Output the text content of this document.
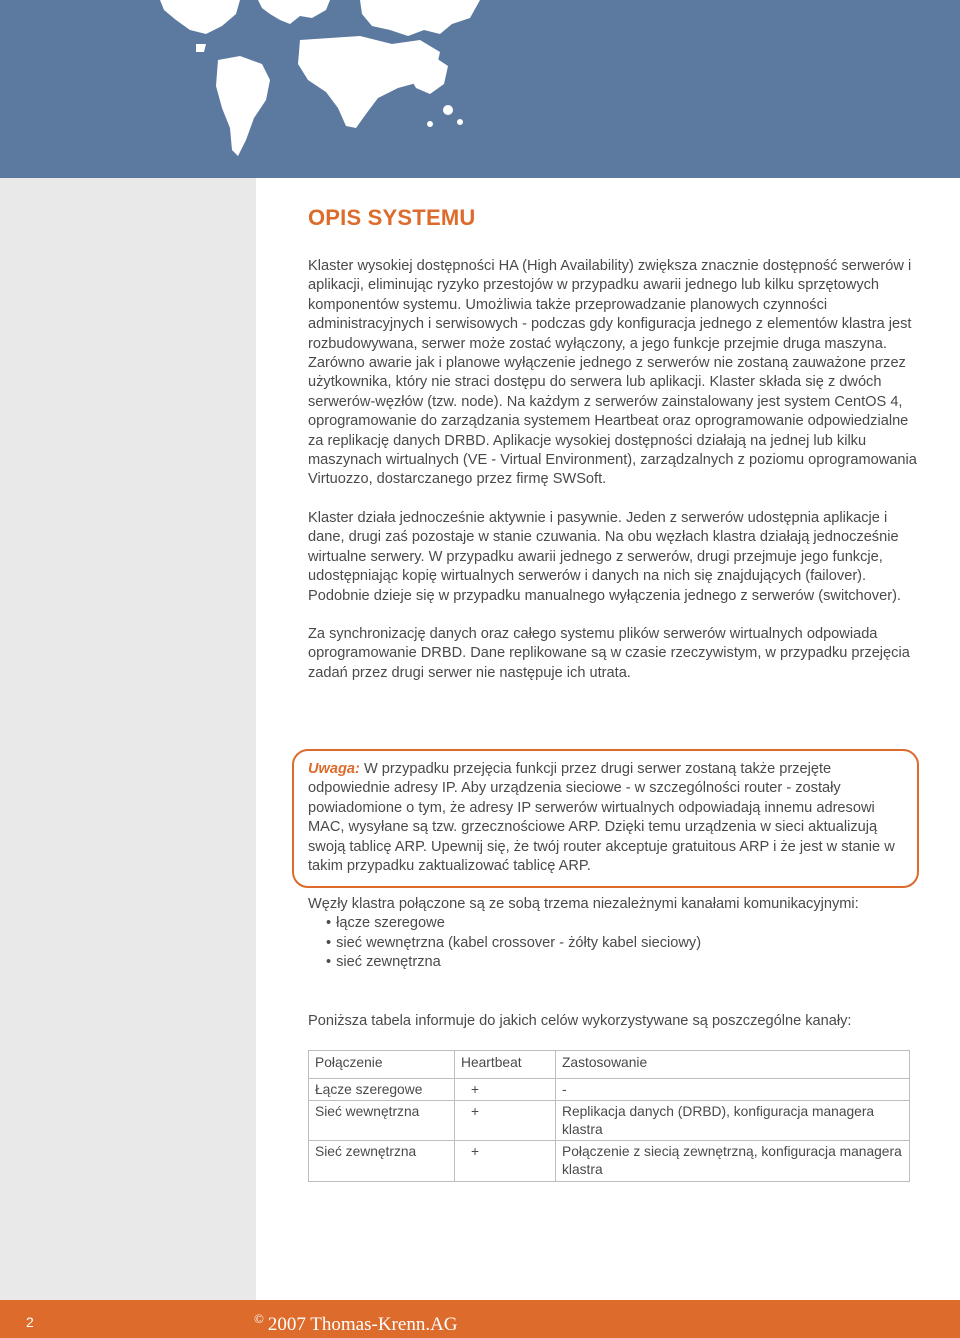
OPIS SYSTEMU

Klaster wysokiej dostępności HA (High Availability) zwiększa znacznie dostępność serwerów i aplikacji, eliminując ryzyko przestojów w przypadku awarii jednego lub kilku sprzętowych komponentów systemu. Umożliwia także przeprowadzanie planowych czynności administracyjnych i serwisowych - podczas gdy konfiguracja jednego z elementów klastra jest rozbudowywana, serwer może zostać wyłączony, a jego funkcje przejmie druga maszyna. Zarówno awarie jak i planowe wyłączenie jednego z serwerów nie zostaną zauważone przez użytkownika, który nie straci dostępu do serwera lub aplikacji. Klaster składa się z dwóch serwerów-węzłów (tzw. node). Na każdym z serwerów zainstalowany jest system CentOS 4, oprogramowanie do zarządzania systemem Heartbeat oraz oprogramowanie odpowiedzialne za replikację danych DRBD. Aplikacje wysokiej dostępności działają na jednej lub kilku maszynach wirtualnych (VE - Virtual Environment), zarządzalnych z poziomu oprogramowania Virtuozzo, dostarczanego przez firmę SWSoft.

Klaster działa jednocześnie aktywnie i pasywnie. Jeden z serwerów udostępnia aplikacje i dane, drugi zaś pozostaje w stanie czuwania. Na obu węzłach klastra działają jednocześnie wirtualne serwery. W przypadku awarii jednego z serwerów, drugi przejmuje jego funkcje, udostępniając kopię wirtualnych serwerów i danych na nich się znajdujących (failover). Podobnie dzieje się w przypadku manualnego wyłączenia jednego z serwerów (switchover).

Za synchronizację danych oraz całego systemu plików serwerów wirtualnych odpowiada oprogramowanie DRBD. Dane replikowane są w czasie rzeczywistym, w przypadku przejęcia zadań przez drugi serwer nie następuje ich utrata.

Uwaga: W przypadku przejęcia funkcji przez drugi serwer zostaną także przejęte odpowiednie adresy IP. Aby urządzenia sieciowe - w szczególności router - zostały powiadomione o tym, że adresy IP serwerów wirtualnych odpowiadają innemu adresowi MAC, wysyłane są tzw. grzecznościowe ARP. Dzięki temu urządzenia w sieci aktualizują swoją tablicę ARP. Upewnij się, że twój router akceptuje gratuitous ARP i że jest w stanie w takim przypadku zaktualizować tablicę ARP.
Węzły klastra połączone są ze sobą trzema niezależnymi kanałami komunikacyjnymi:
• łącze szeregowe
• sieć wewnętrzna (kabel crossover - żółty kabel sieciowy)
• sieć zewnętrzna
Poniższa tabela informuje do jakich celów wykorzystywane są poszczególne kanały:
Połączenie	Heartbeat	Zastosowanie
Łącze szeregowe	+	-
Sieć wewnętrzna	+	Replikacja danych (DRBD), konfiguracja managera klastra
Sieć zewnętrzna	+	Połączenie z siecią zewnętrzną, konfiguracja managera klastra
2	© 2007 Thomas-Krenn.AG
